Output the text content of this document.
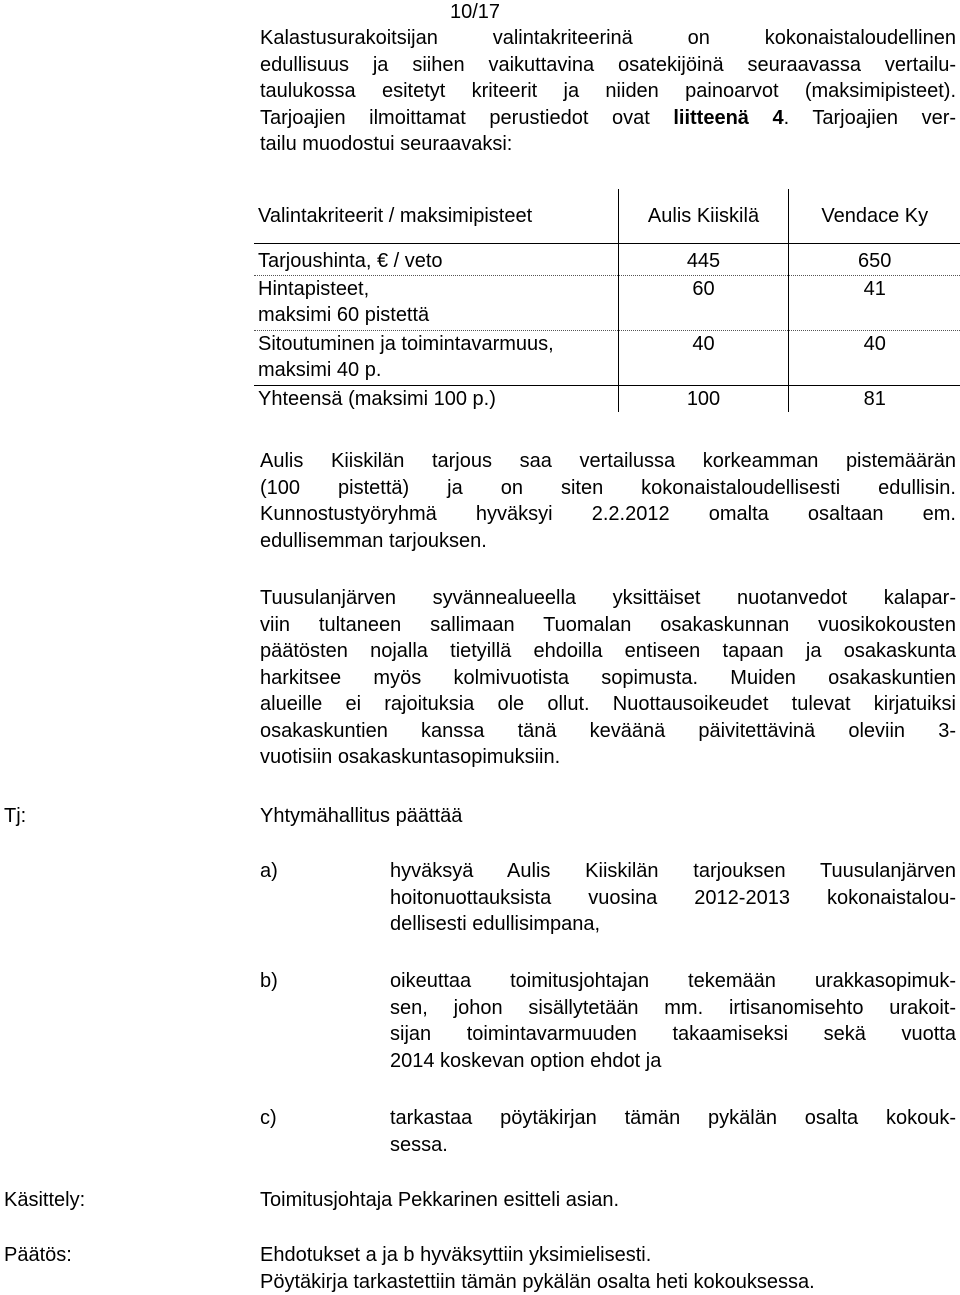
10/17
Kalastusurakoitsijan valintakriteerinä on kokonaistaloudellinen
edullisuus ja siihen vaikuttavina osatekijöinä seuraavassa vertailu-
taulukossa esitetyt kriteerit ja niiden painoarvot (maksimipisteet).
Tarjoajien ilmoittamat perustiedot ovat liitteenä 4. Tarjoajien ver-
tailu muodostui seuraavaksi:
Valintakriteerit / maksimipisteet	Aulis Kiiskilä	Vendace Ky

Tarjoushinta, € / veto	445	650

Hintapisteet,
maksimi 60 pistettä	60	41

Sitoutuminen ja toimintavarmuus,
maksimi 40 p.	40	40
Yhteensä (maksimi 100 p.)	100	81
Aulis Kiiskilän tarjous saa vertailussa korkeamman pistemäärän
(100 pistettä) ja on siten kokonaistaloudellisesti edullisin.
Kunnostustyöryhmä hyväksyi 2.2.2012 omalta osaltaan em.
edullisemman tarjouksen.
Tuusulanjärven syvännealueella yksittäiset nuotanvedot kalapar-
viin tultaneen sallimaan Tuomalan osakaskunnan vuosikokousten
päätösten nojalla tietyillä ehdoilla entiseen tapaan ja osakaskunta
harkitsee myös kolmivuotista sopimusta. Muiden osakaskuntien
alueille ei rajoituksia ole ollut. Nuottausoikeudet tulevat kirjatuiksi
osakaskuntien kanssa tänä keväänä päivitettävinä oleviin 3-
vuotisiin osakaskuntasopimuksiin.
Tj:	Yhtymähallitus päättää
a)	hyväksyä Aulis Kiiskilän tarjouksen Tuusulanjärven
hoitonuottauksista vuosina 2012-2013 kokonaistalou-
dellisesti edullisimpana,
b)	oikeuttaa toimitusjohtajan tekemään urakkasopimuk-
sen, johon sisällytetään mm. irtisanomisehto urakoit-
sijan toimintavarmuuden takaamiseksi sekä vuotta
2014 koskevan option ehdot ja
c)	tarkastaa pöytäkirjan tämän pykälän osalta kokouk-
sessa.
Käsittely:	Toimitusjohtaja Pekkarinen esitteli asian.
Päätös:	Ehdotukset a ja b hyväksyttiin yksimielisesti.
Pöytäkirja tarkastettiin tämän pykälän osalta heti kokouksessa.
